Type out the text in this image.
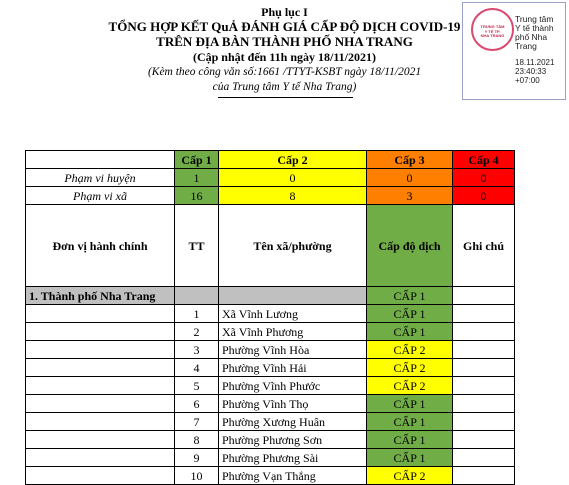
Phụ lục I
TỔNG HỢP KẾT QuẢ ĐÁNH GIÁ CẤP ĐỘ DỊCH COVID-19
TRÊN ĐỊA BÀN THÀNH PHỐ NHA TRANG
(Cập nhật đến 11h ngày 18/11/2021)
(Kèm theo công văn số:1661 /TTYT-KSBT ngày 18/11/2021
của Trung tâm Y tế Nha Trang)
TRUNG TÂM Y TẾ TP. NHA TRANG
Trung tâm
Y tế thành
phố Nha
Trang
18.11.2021
23:40:33
+07:00
	Cấp 1	Cấp 2	Cấp 3	Cấp 4
Phạm vi huyện	1	0	0	0
Phạm vi xã	16	8	3	0
Đơn vị hành chính	TT	Tên xã/phường	Cấp độ dịch	Ghi chú
1. Thành phố Nha Trang			CẤP 1	
	1	Xã Vĩnh Lương	CẤP 1	
	2	Xã Vĩnh Phương	CẤP 1	
	3	Phường Vĩnh Hòa	CẤP 2	
	4	Phường Vĩnh Hải	CẤP 2	
	5	Phường Vĩnh Phước	CẤP 2	
	6	Phường Vĩnh Thọ	CẤP 1	
	7	Phường Xương Huân	CẤP 1	
	8	Phường Phương Sơn	CẤP 1	
	9	Phường Phương Sài	CẤP 1	
	10	Phường Vạn Thắng	CẤP 2	
